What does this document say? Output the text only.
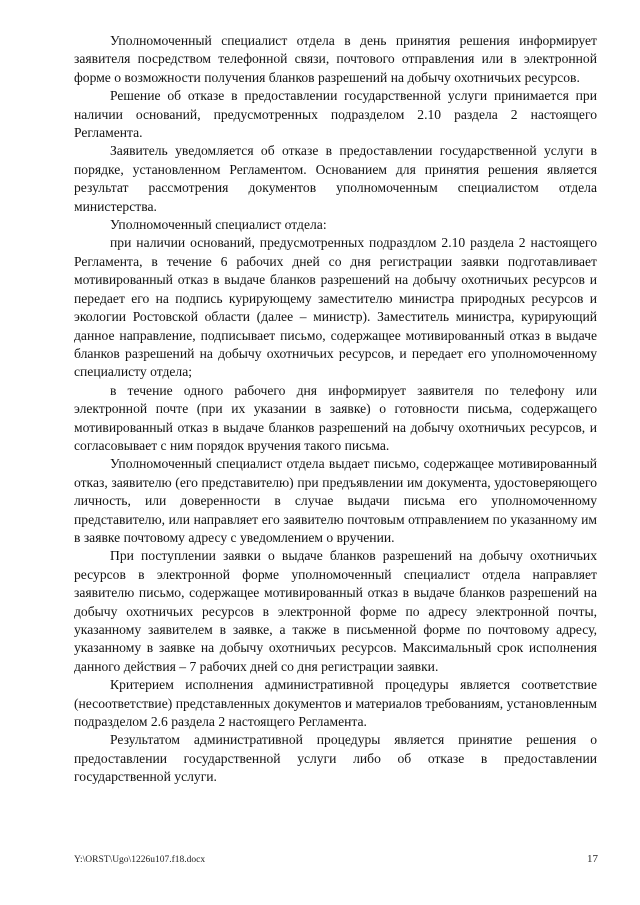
Уполномоченный специалист отдела в день принятия решения информирует заявителя посредством телефонной связи, почтового отправления или в электронной форме о возможности получения бланков разрешений на добычу охотничьих ресурсов.

Решение об отказе в предоставлении государственной услуги принимается при наличии оснований, предусмотренных подразделом 2.10 раздела 2 настоящего Регламента.

Заявитель уведомляется об отказе в предоставлении государственной услуги в порядке, установленном Регламентом. Основанием для принятия решения является результат рассмотрения документов уполномоченным специалистом отдела министерства.

Уполномоченный специалист отдела:

при наличии оснований, предусмотренных подраздлом 2.10 раздела 2 настоящего Регламента, в течение 6 рабочих дней со дня регистрации заявки подготавливает мотивированный отказ в выдаче бланков разрешений на добычу охотничьих ресурсов и передает его на подпись курирующему заместителю министра природных ресурсов и экологии Ростовской области (далее – министр). Заместитель министра, курирующий данное направление, подписывает письмо, содержащее мотивированный отказ в выдаче бланков разрешений на добычу охотничьих ресурсов, и передает его уполномоченному специалисту отдела;

в течение одного рабочего дня информирует заявителя по телефону или электронной почте (при их указании в заявке) о готовности письма, содержащего мотивированный отказ в выдаче бланков разрешений на добычу охотничьих ресурсов, и согласовывает с ним порядок вручения такого письма.

Уполномоченный специалист отдела выдает письмо, содержащее мотивированный отказ, заявителю (его представителю) при предъявлении им документа, удостоверяющего личность, или доверенности в случае выдачи письма его уполномоченному представителю, или направляет его заявителю почтовым отправлением по указанному им в заявке почтовому адресу с уведомлением о вручении.

При поступлении заявки о выдаче бланков разрешений на добычу охотничьих ресурсов в электронной форме уполномоченный специалист отдела направляет заявителю письмо, содержащее мотивированный отказ в выдаче бланков разрешений на добычу охотничьих ресурсов в электронной форме по адресу электронной почты, указанному заявителем в заявке, а также в письменной форме по почтовому адресу, указанному в заявке на добычу охотничьих ресурсов. Максимальный срок исполнения данного действия – 7 рабочих дней со дня регистрации заявки.

Критерием исполнения административной процедуры является соответствие (несоответствие) представленных документов и материалов требованиям, установленным подразделом 2.6 раздела 2 настоящего Регламента.

Результатом административной процедуры является принятие решения о предоставлении государственной услуги либо об отказе в предоставлении государственной услуги.

Y:\ORST\Ugo\1226u107.f18.docx	17
